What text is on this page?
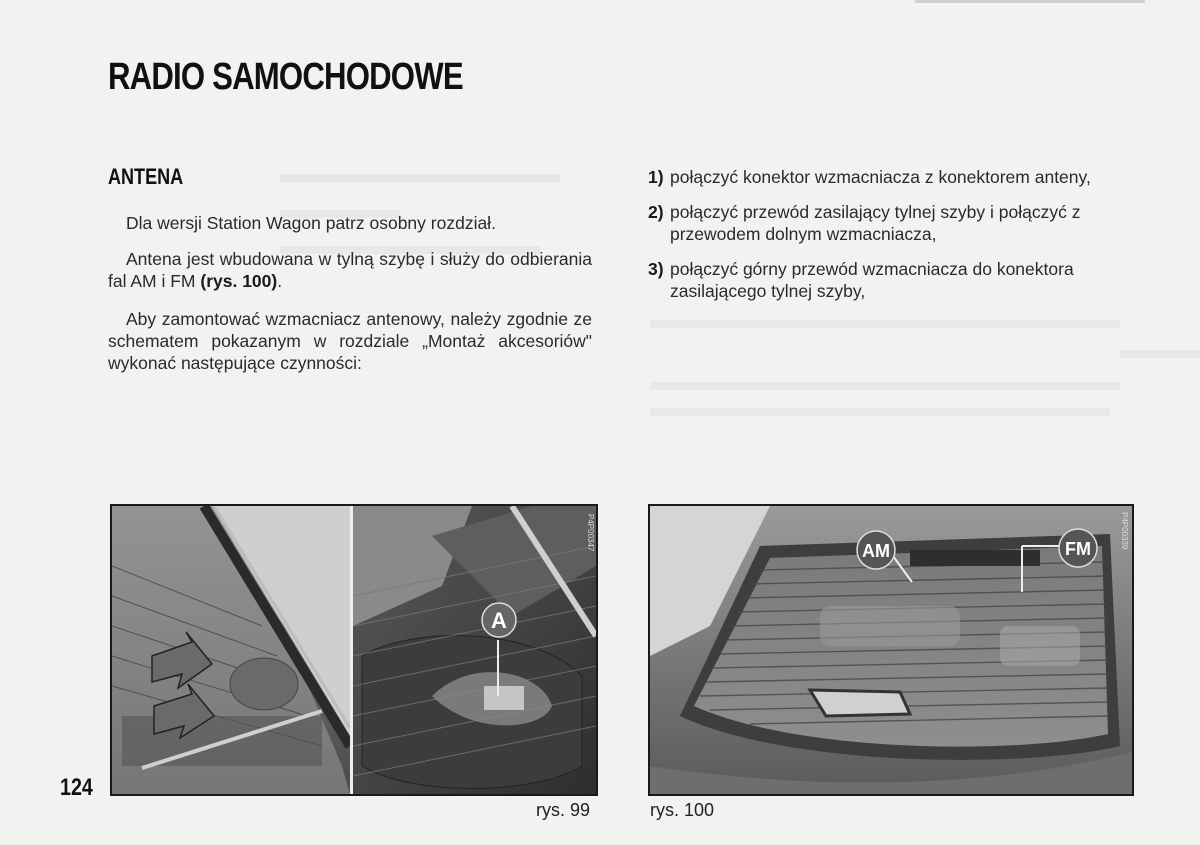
RADIO SAMOCHODOWE
ANTENA
Dla wersji Station Wagon patrz osobny rozdział.
Antena jest wbudowana w tylną szybę i służy do odbierania fal AM i FM (rys. 100).
Aby zamontować wzmacniacz antenowy, należy zgodnie ze schematem pokazanym w rozdziale „Montaż akcesoriów" wykonać następujące czynności:
1) połączyć konektor wzmacniacza z konektorem anteny,
2) połączyć przewód zasilający tylnej szyby i połączyć z przewodem dolnym wzmacniacza,
3) połączyć górny przewód wzmacniacza do konektora zasilającego tylnej szyby,
A
P4P00347
rys. 99
AM	FM	P4P00339
rys. 100
124
